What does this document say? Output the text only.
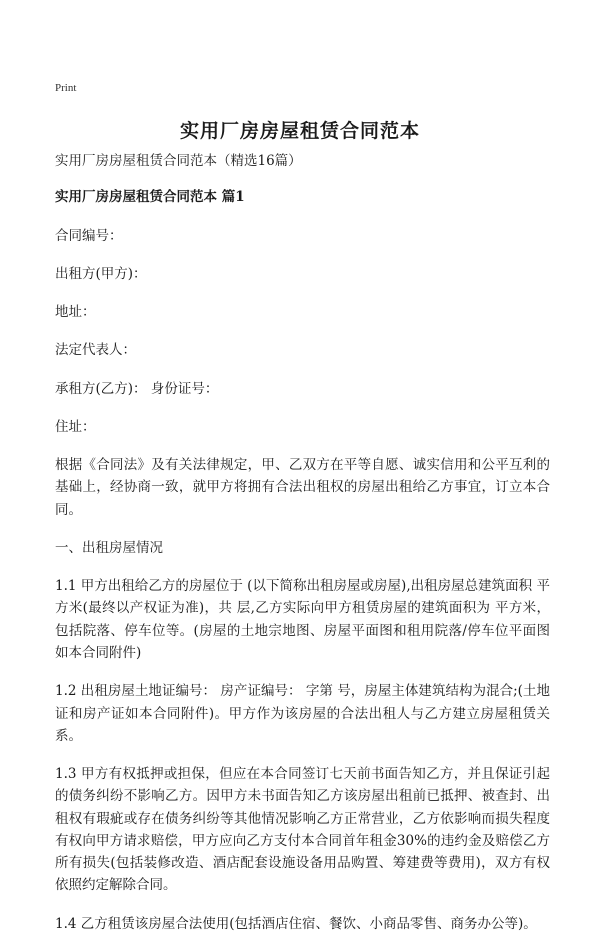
Print
实用厂房房屋租赁合同范本

实用厂房房屋租赁合同范本（精选16篇）

实用厂房房屋租赁合同范本 篇1

合同编号：

出租方(甲方)：

地址：

法定代表人：

承租方(乙方)： 身份证号：

住址：

根据《合同法》及有关法律规定，甲、乙双方在平等自愿、诚实信用和公平互利的基础上，经协商一致，就甲方将拥有合法出租权的房屋出租给乙方事宜，订立本合同。

一、出租房屋情况

1.1 甲方出租给乙方的房屋位于 (以下简称出租房屋或房屋),出租房屋总建筑面积 平方米(最终以产权证为准)，共 层,乙方实际向甲方租赁房屋的建筑面积为 平方米，包括院落、停车位等。(房屋的土地宗地图、房屋平面图和租用院落/停车位平面图如本合同附件)

1.2 出租房屋土地证编号： 房产证编号： 字第 号，房屋主体建筑结构为混合;(土地证和房产证如本合同附件)。甲方作为该房屋的合法出租人与乙方建立房屋租赁关系。

1.3 甲方有权抵押或担保，但应在本合同签订七天前书面告知乙方，并且保证引起的债务纠纷不影响乙方。因甲方未书面告知乙方该房屋出租前已抵押、被查封、出租权有瑕疵或存在债务纠纷等其他情况影响乙方正常营业，乙方依影响而损失程度有权向甲方请求赔偿，甲方应向乙方支付本合同首年租金30%的违约金及赔偿乙方所有损失(包括装修改造、酒店配套设施设备用品购置、筹建费等费用)，双方有权依照约定解除合同。

1.4 乙方租赁该房屋合法使用(包括酒店住宿、餐饮、小商品零售、商务办公等)。
